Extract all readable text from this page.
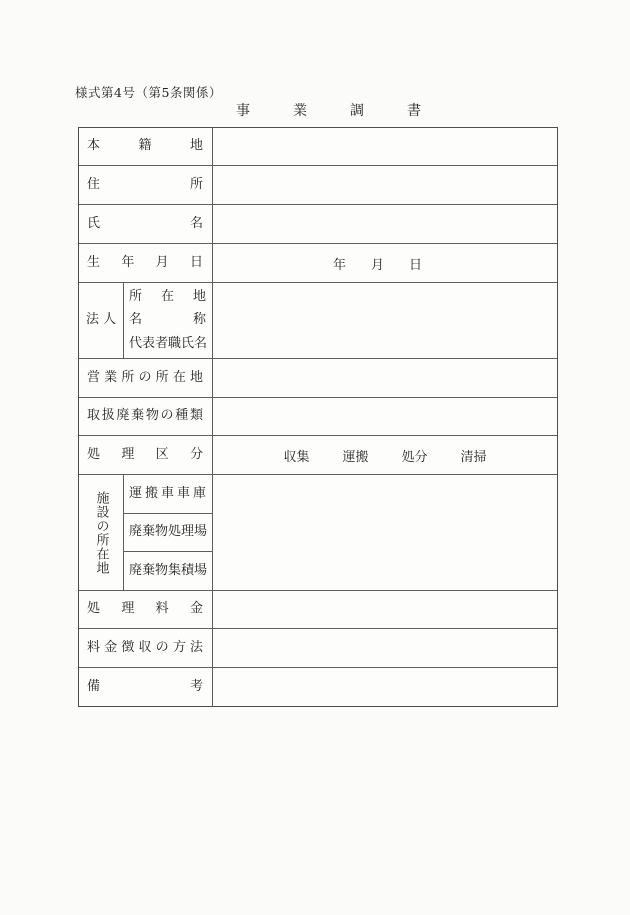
様式第4号（第5条関係）
事業調書
本籍地
住所
氏名
生年月日	年　月　日
法人
所在地
名称
代表者職氏名
営業所の所在地
取扱廃棄物の種類
処理区分	収集	運搬	処分	清掃
施設の所在地 運搬車車庫
廃棄物処理場
廃棄物集積場
処理料金
料金徴収の方法
備考
